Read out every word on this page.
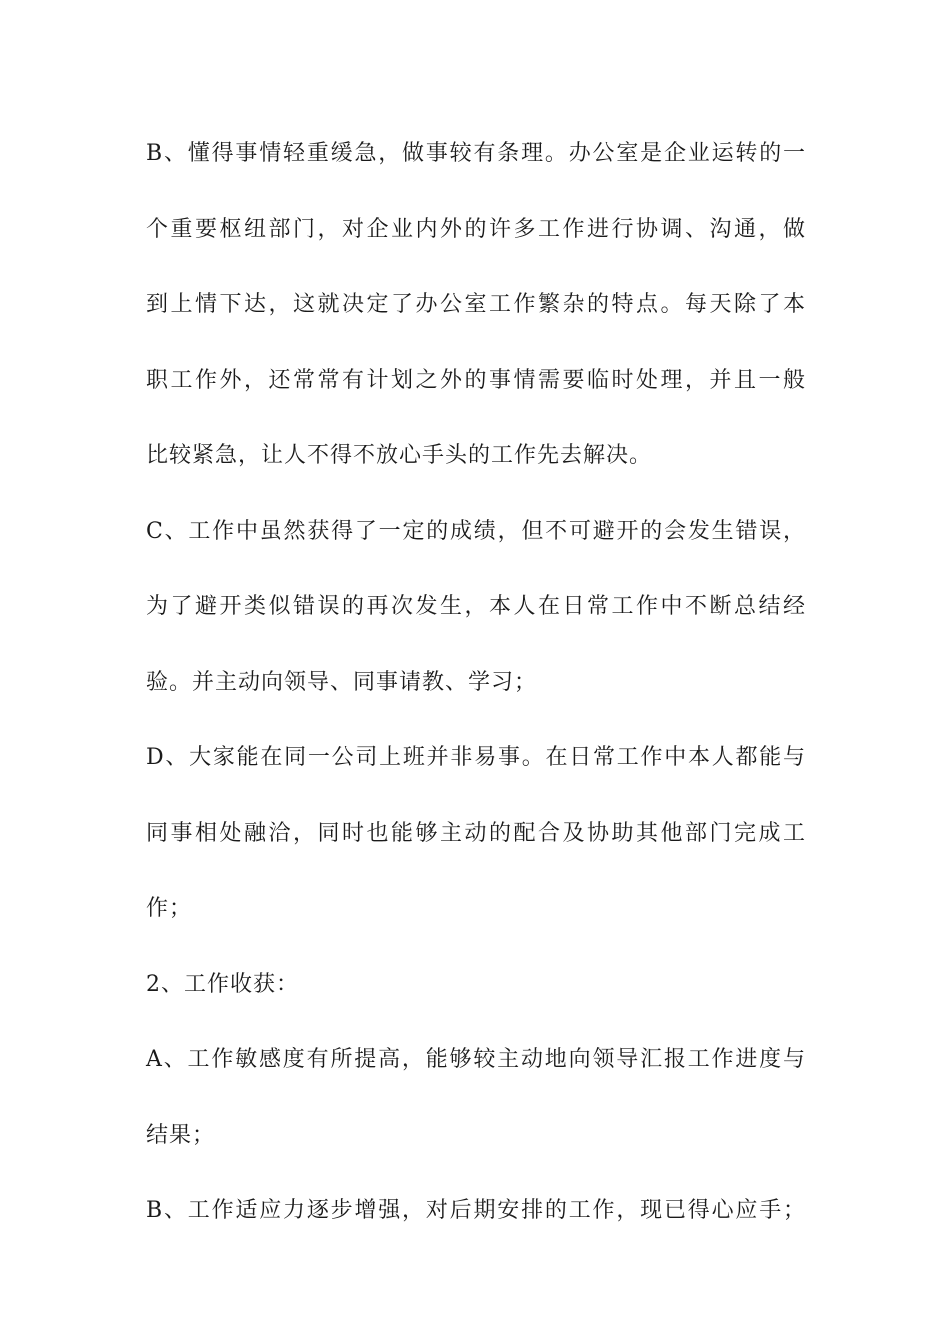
B、懂得事情轻重缓急，做事较有条理。办公室是企业运转的一
个重要枢纽部门，对企业内外的许多工作进行协调、沟通，做
到上情下达，这就决定了办公室工作繁杂的特点。每天除了本
职工作外，还常常有计划之外的事情需要临时处理，并且一般
比较紧急，让人不得不放心手头的工作先去解决。
C、工作中虽然获得了一定的成绩，但不可避开的会发生错误，
为了避开类似错误的再次发生，本人在日常工作中不断总结经
验。并主动向领导、同事请教、学习；
D、大家能在同一公司上班并非易事。在日常工作中本人都能与
同事相处融洽，同时也能够主动的配合及协助其他部门完成工
作；
2、工作收获：
A、工作敏感度有所提高，能够较主动地向领导汇报工作进度与
结果；
B、工作适应力逐步增强，对后期安排的工作，现已得心应手；
